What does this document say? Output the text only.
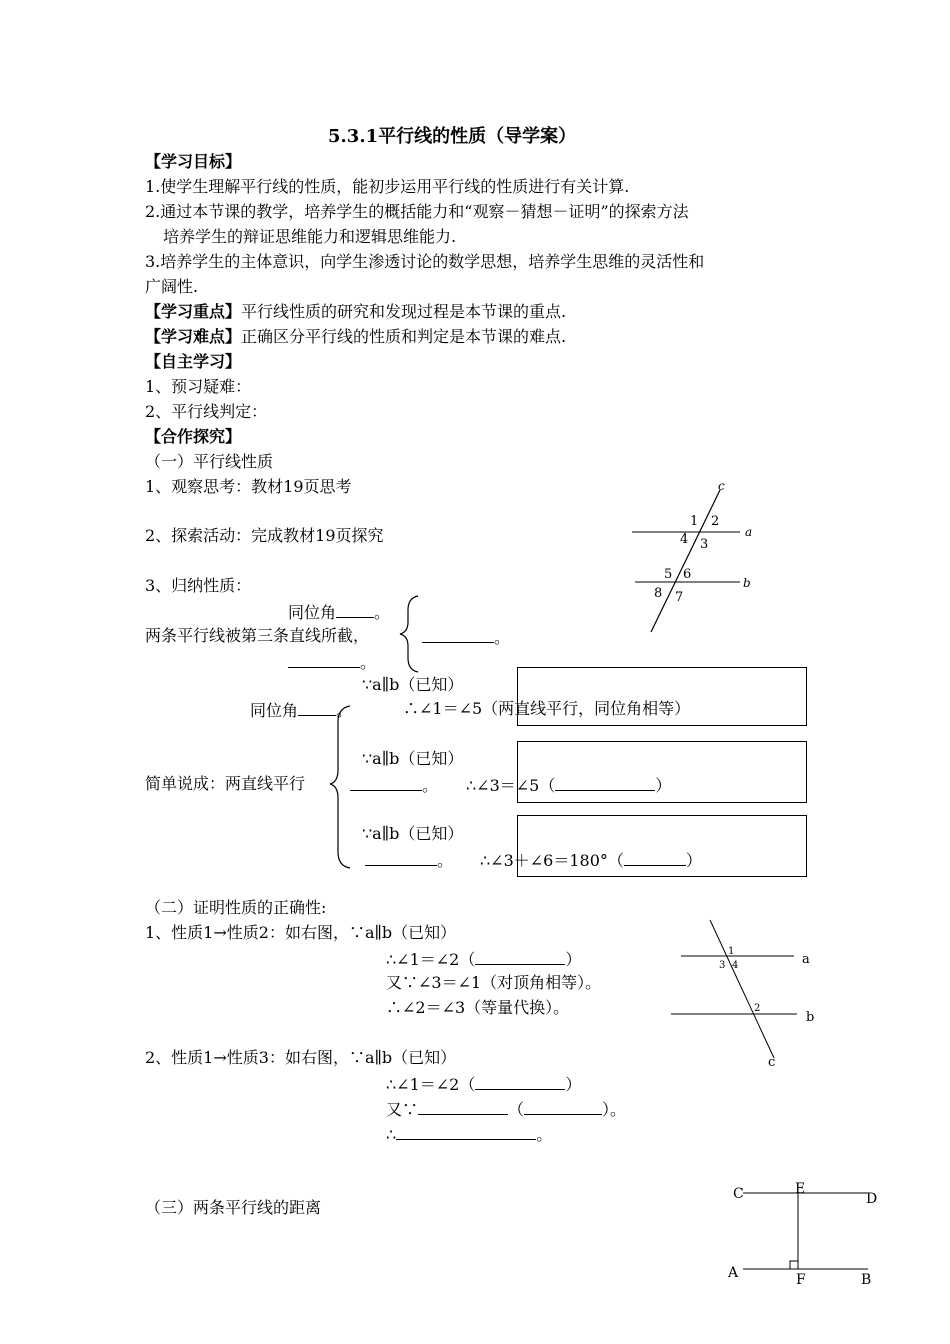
5.3.1平行线的性质（导学案）
【学习目标】
1.使学生理解平行线的性质，能初步运用平行线的性质进行有关计算.
2.通过本节课的教学，培养学生的概括能力和“观察－猜想－证明”的探索方法
培养学生的辩证思维能力和逻辑思维能力.
3.培养学生的主体意识，向学生渗透讨论的数学思想，培养学生思维的灵活性和
广阔性.
【学习重点】平行线性质的研究和发现过程是本节课的重点.
【学习难点】正确区分平行线的性质和判定是本节课的难点.
【自主学习】
1、预习疑难：
2、平行线判定：
【合作探究】
（一）平行线性质
1、观察思考：教材19页思考
2、探索活动：完成教材19页探究
3、归纳性质：
c
a
b
1 2
4 3
5 6
8 7
同位角 。
两条平行线被第三条直线所截，	。
。
∵a∥b（已知）
同位角 。	∴∠1＝∠5（两直线平行，同位角相等）
∵a∥b（已知）
简单说成：两直线平行	。 ∴∠3＝∠5（	）
∵a∥b（已知）
。 ∴∠3＋∠6＝180°（	）
（二）证明性质的正确性:
1、性质1→性质2：如右图，∵a∥b（已知）
∴∠1＝∠2（	）
又∵∠3＝∠1（对顶角相等）。
∴∠2＝∠3（等量代换）。
2、性质1→性质3：如右图，∵a∥b（已知）
∴∠1＝∠2（	）
又∵	（	）。
∴	。
1
3 4
2
a
b
c
（三）两条平行线的距离
C	E
D
A	F	B
